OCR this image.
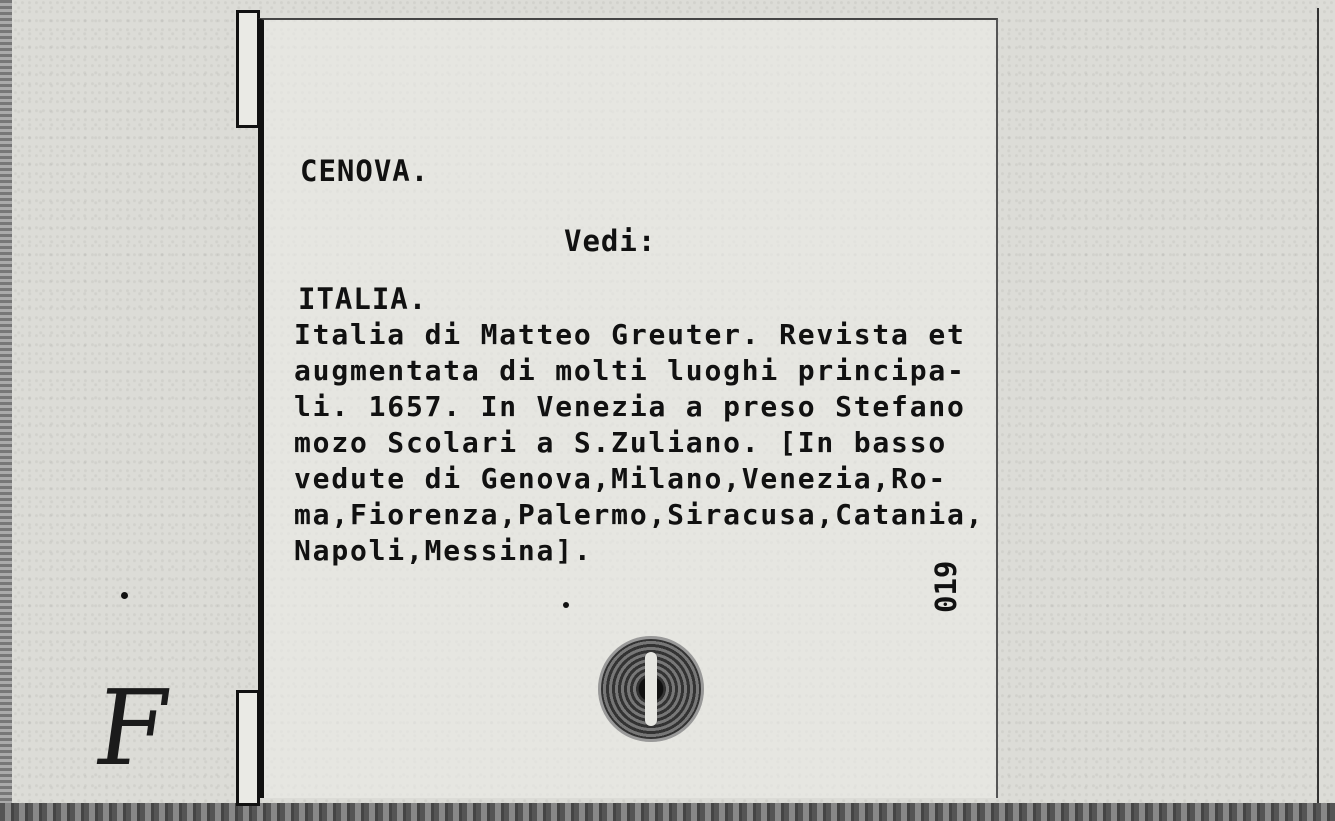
CENOVA.
Vedi:
ITALIA.
Italia di Matteo Greuter. Revista et
augmentata di molti luoghi principa-
li. 1657. In Venezia a preso Stefano
mozo Scolari a S.Zuliano. [In basso
vedute di Genova,Milano,Venezia,Ro-
ma,Fiorenza,Palermo,Siracusa,Catania,
Napoli,Messina].
019
F
